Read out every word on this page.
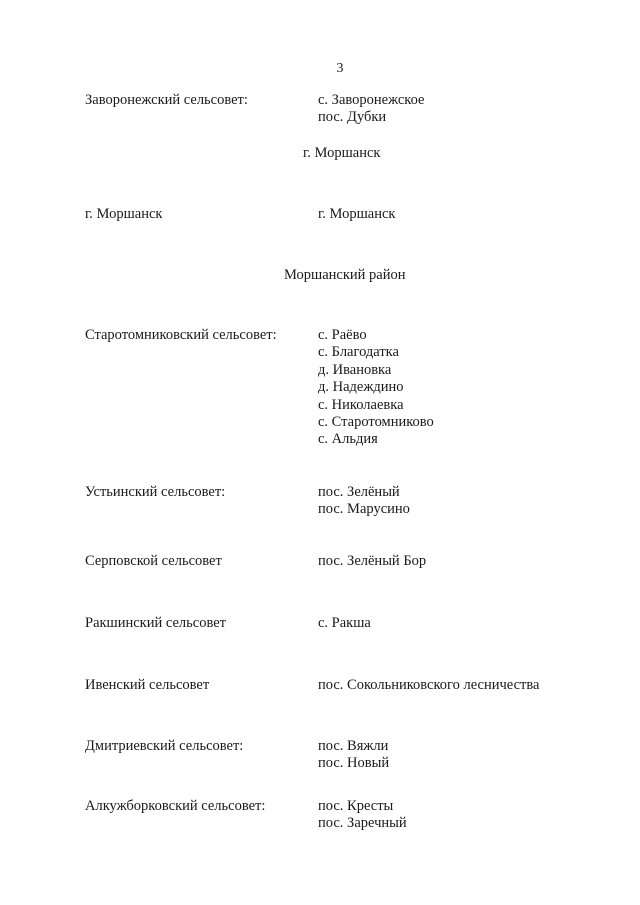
3
Заворонежский сельсовет:	с. Заворонежское
пос. Дубки
г. Моршанск
г. Моршанск	г. Моршанск
Моршанский район
Старотомниковский сельсовет:	с. Раёво
с. Благодатка
д. Ивановка
д. Надеждино
с. Николаевка
с. Старотомниково
с. Альдия
Устьинский сельсовет:	пос. Зелёный
пос. Марусино
Серповской сельсовет	пос. Зелёный Бор
Ракшинский сельсовет	с. Ракша
Ивенский сельсовет	пос. Сокольниковского лесничества
Дмитриевский сельсовет:	пос. Вяжли
пос. Новый
Алкужборковский сельсовет:	пос. Кресты
пос. Заречный
